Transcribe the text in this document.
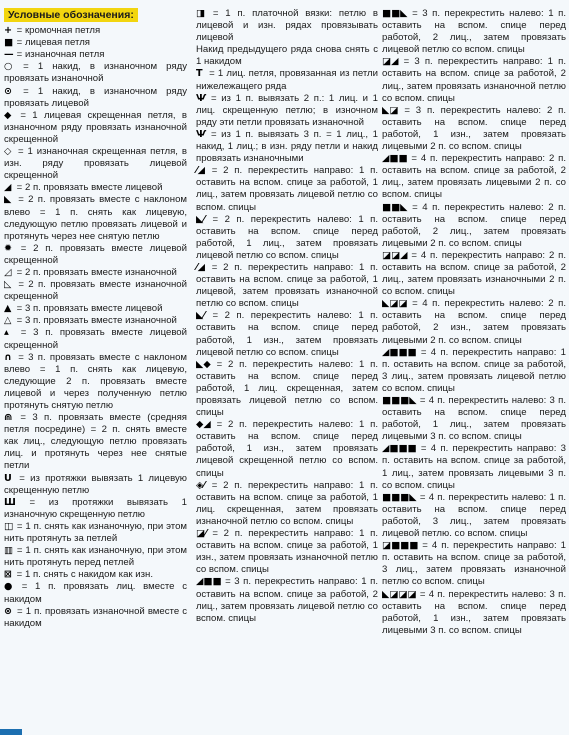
Условные обозначения:

+ = кромочная петля

■ = лицевая петля

— = изнаночная петля

○ = 1 накид, в изнаночном ряду провязать изнаночной

⊙ = 1 накид, в изнаночном ряду провязать лицевой

◆ = 1 лицевая скрещенная петля, в изнаночном ряду провязать изнаночной скрещенной

◇ = 1 изнаночная скрещенная петля, в изн. ряду провязать лицевой скрещенной

◢ = 2 п. провязать вместе лицевой

◣ = 2 п. провязать вместе с наклоном влево = 1 п. снять как лицевую, следующую петлю провязать лицевой и протянуть через нее снятую петлю

✹ = 2 п. провязать вместе лицевой скрещенной

◿ = 2 п. провязать вместе изнаночной

◺ = 2 п. провязать вместе изнаночной скрещенной

▲ = 3 п. провязать вместе лицевой

△ = 3 п. провязать вместе изнаночной

▴ = 3 п. провязать вместе лицевой скрещенной

∩ = 3 п. провязать вместе с наклоном влево = 1 п. снять как лицевую, следующие 2 п. провязать вместе лицевой и через полученную петлю протянуть снятую петлю

⋒ = 3 п. провязать вместе (средняя петля посредине) = 2 п. снять вместе как лиц., следующую петлю провязать лиц. и протянуть через нее снятые петли

U = из протяжки вывязать 1 лицевую скрещенную петлю

Ш = из протяжки вывязать 1 изнаночную скрещенную петлю

◫ = 1 п. снять как изнаночную, при этом нить протянуть за петлей

▥ = 1 п. снять как изнаночную, при этом нить протянуть перед петлей

⊠ = 1 п. снять с накидом как изн.

● = 1 п. провязать лиц. вместе с накидом

⊗ = 1 п. провязать изнаночной вместе с накидом

◨ = 1 п. платочной вязки: петлю в лицевой и изн. рядах провязывать лицевой

Накид предыдущего ряда снова снять с 1 накидом

Т = 1 лиц. петля, провязанная из петли нижележащего ряда

Ѱ = из 1 п. вывязать 2 п.: 1 лиц. и 1 лиц. скрещенную петлю; в изночном ряду эти петли провязать изнаночной

Ѱ = из 1 п. вывязать 3 п. = 1 лиц., 1 накид, 1 лиц.; в изн. ряду петли и накид провязать изнаночными

⁄◢ = 2 п. перекрестить направо: 1 п. оставить на вспом. спице за работой, 1 лиц., затем провязать лицевой петлю со вспом. спицы

◣⁄ = 2 п. перекрестить налево: 1 п. оставить на вспом. спице перед работой, 1 лиц., затем провязать лицевой петлю со вспом. спицы

⁄◢ = 2 п. перекрестить направо: 1 п. оставить на вспом. спице за работой, 1 лицевой, затем провязать изнаночной петлю со вспом. спицы

◣⁄ = 2 п. перекрестить налево: 1 п. оставить на вспом. спице перед работой, 1 изн., затем провязать лицевой петлю со вспом. спицы

◣◆ = 2 п. перекрестить налево: 1 п. оставить на вспом. спице перед работой, 1 лиц. скрещенная, затем провязать лицевой петлю со вспом. спицы

◆◢ = 2 п. перекрестить налево: 1 п. оставить на вспом. спице перед работой, 1 изн., затем провязать лицевой скрещенной петлю со вспом. спицы

◈⁄ = 2 п. перекрестить направо: 1 п. оставить на вспом. спице за работой, 1 лиц. скрещенная, затем провязать изнаночной петлю со вспом. спицы

◪⁄ = 2 п. перекрестить направо: 1 п. оставить на вспом. спице за работой, 1 изн., затем провязать изнаночной петлю со вспом. спицы

◢■■ = 3 п. перекрестить направо: 1 п. оставить на вспом. спице за работой, 2 лиц., затем провязать лицевой петлю со вспом. спицы

■■◣ = 3 п. перекрестить налево: 1 п. оставить на вспом. спице перед работой, 2 лиц., затем провязать лицевой петлю со вспом. спицы

◪◢ = 3 п. перекрестить направо: 1 п. оставить на вспом. спице за работой, 2 лиц., затем провязать изнаночной петлю со вспом. спицы

◣◪ = 3 п. перекрестить налево: 2 п. оставить на вспом. спице перед работой, 1 изн., затем провязать лицевыми 2 п. со вспом. спицы

◢■■ = 4 п. перекрестить направо: 2 п. оставить на вспом. спице за работой, 2 лиц., затем провязать лицевыми 2 п. со вспом. спицы

■■◣ = 4 п. перекрестить налево: 2 п. оставить на вспом. спице перед работой, 2 лиц., затем провязать лицевыми 2 п. со вспом. спицы

◪◪◢ = 4 п. перекрестить направо: 2 п. оставить на вспом. спице за работой, 2 лиц., затем провязать изнаночными 2 п. со вспом. спицы

◣◪◪ = 4 п. перекрестить налево: 2 п. оставить на вспом. спице перед работой, 2 изн., затем провязать лицевыми 2 п. со вспом. спицы

◢■■■ = 4 п. перекрестить направо: 1 п. оставить на вспом. спице за работой, 3 лиц., затем провязать лицевой петлю со вспом. спицы

■■■◣ = 4 п. перекрестить налево: 3 п. оставить на вспом. спице перед работой, 1 лиц., затем провязать лицевыми 3 п. со вспом. спицы

◢■■■ = 4 п. перекрестить направо: 3 п. оставить на вспом. спице за работой, 1 лиц., затем провязать лицевыми 3 п. со вспом. спицы

■■■◣ = 4 п. перекрестить налево: 1 п. оставить на вспом. спице перед работой, 3 лиц., затем провязать лицевой петлю. со вспом. спицы

◪■■■ = 4 п. перекрестить направо: 1 п. оставить на вспом. спице за работой, 3 лиц., затем провязать изнаночной петлю со вспом. спицы

◣◪◪◪ = 4 п. перекрестить налево: 3 п. оставить на вспом. спице перед работой, 1 изн., затем провязать лицевыми 3 п. со вспом. спицы
